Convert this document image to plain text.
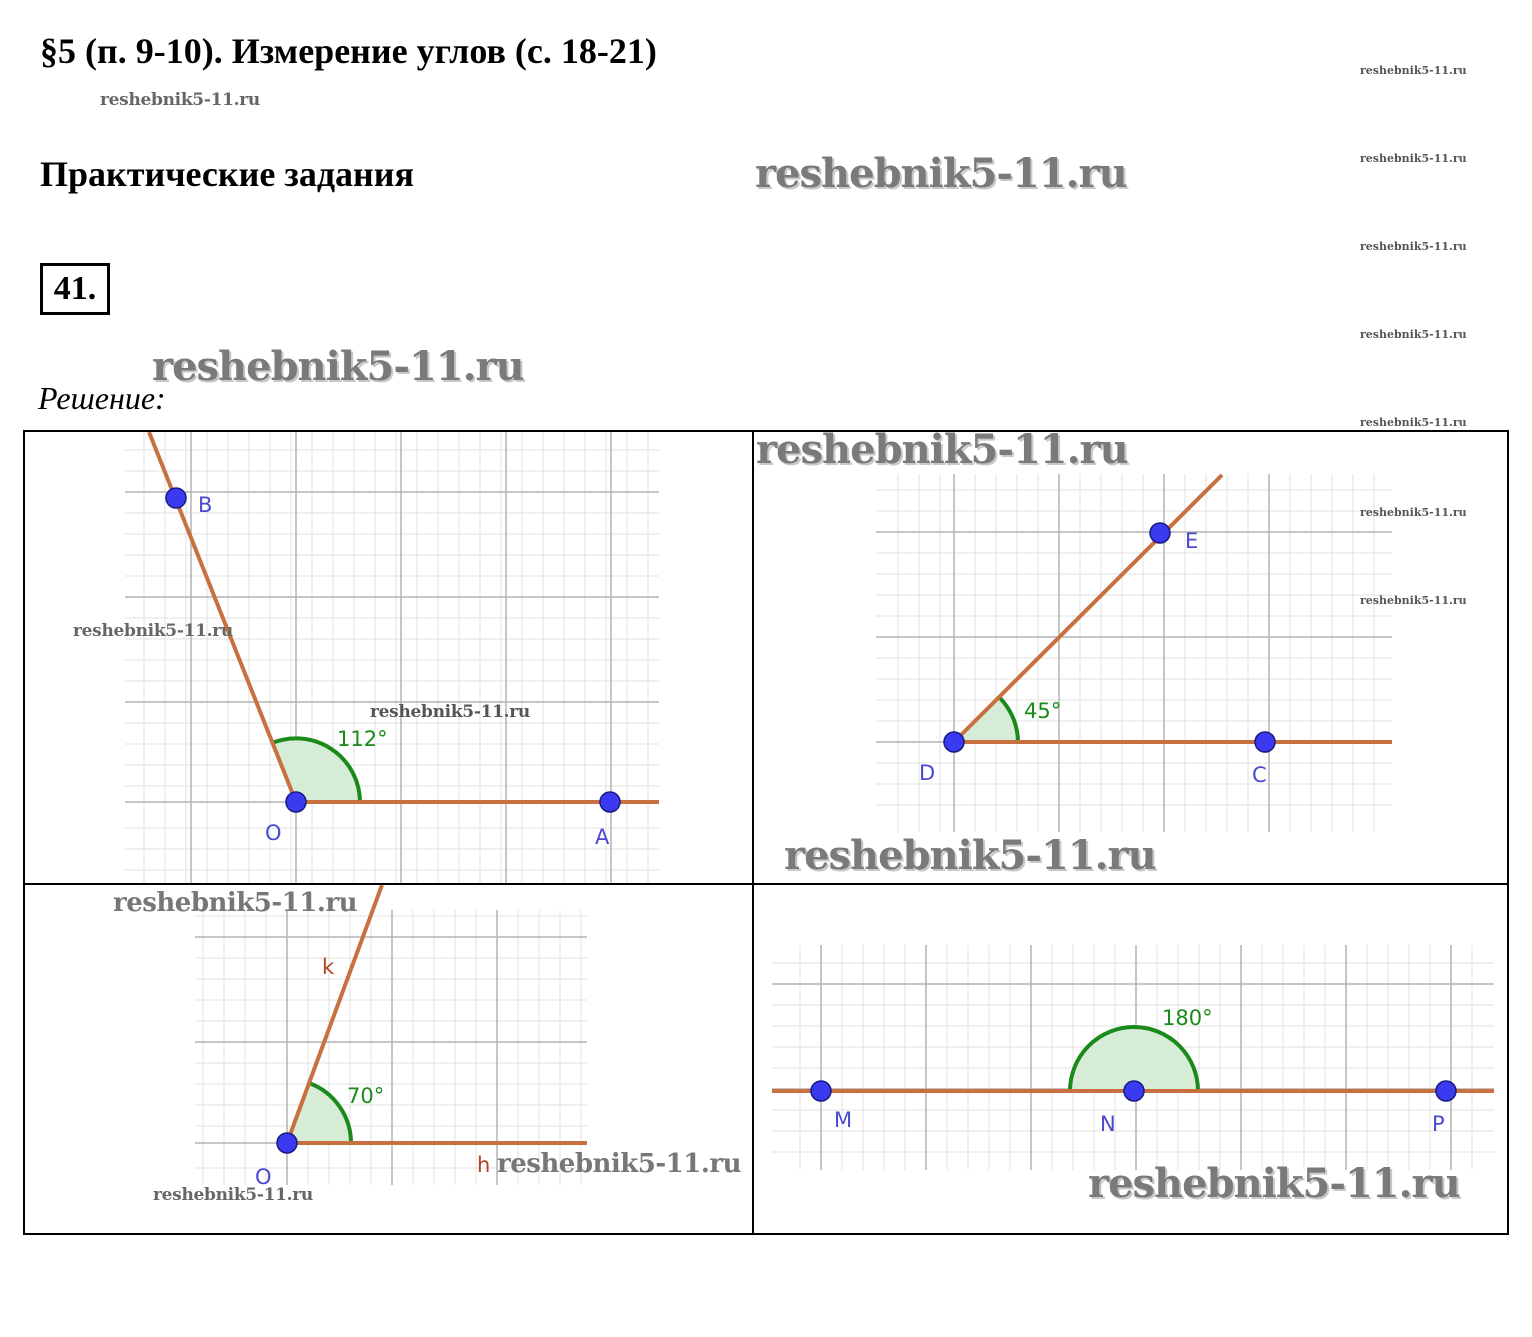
§5 (п. 9-10). Измерение углов (с. 18-21)
Практические задания
41.
Решение:
reshebnik5-11.ru
reshebnik5-11.ru
reshebnik5-11.ru
reshebnik5-11.ru
reshebnik5-11.ru
reshebnik5-11.ru
reshebnik5-11.ru
reshebnik5-11.ru
B
O	A
112°
reshebnik5-11.ru
reshebnik5-11.ru
E
D	C
45°
reshebnik5-11.ru
reshebnik5-11.ru
reshebnik5-11.ru
reshebnik5-11.ru
k
O	h
70°
reshebnik5-11.ru
reshebnik5-11.ru
reshebnik5-11.ru
M	N	P
180°
reshebnik5-11.ru
